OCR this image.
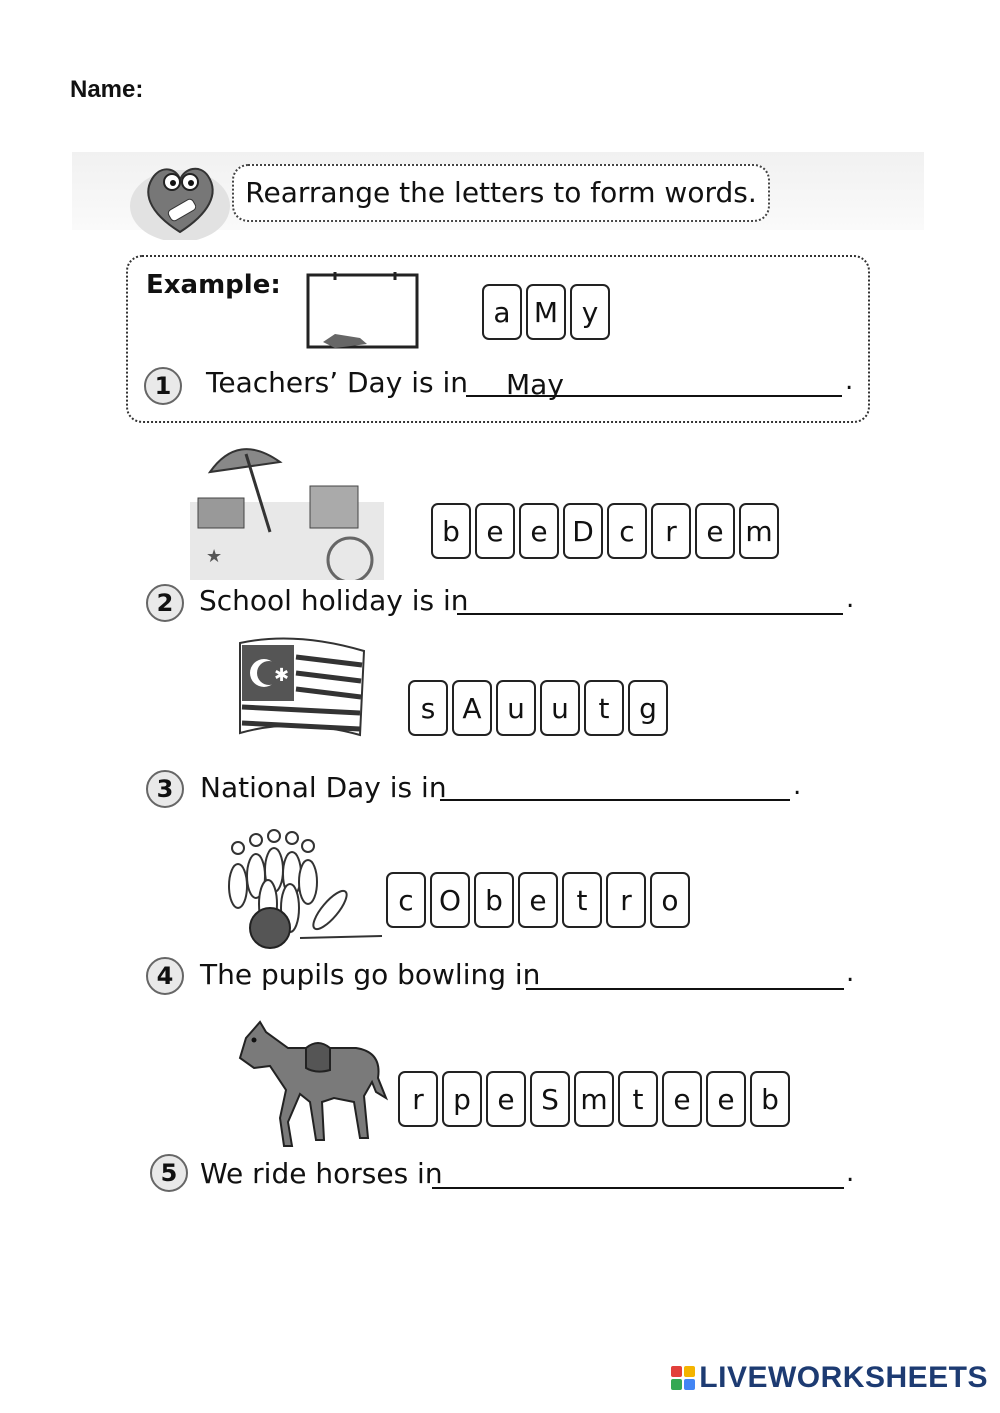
Name:
Rearrange the letters to form words.
Example:
a M y
1	Teachers’ Day is in May	.
★
b e e D c	r	e m
2 School holiday is in	.
✱
s A u u	t	g
3 National Day is in	.
c O b e	t	r	o
4 The pupils go bowling in	.
r	p e S m t	e e b
5 We ride horses in	.
LIVEWORKSHEETS
